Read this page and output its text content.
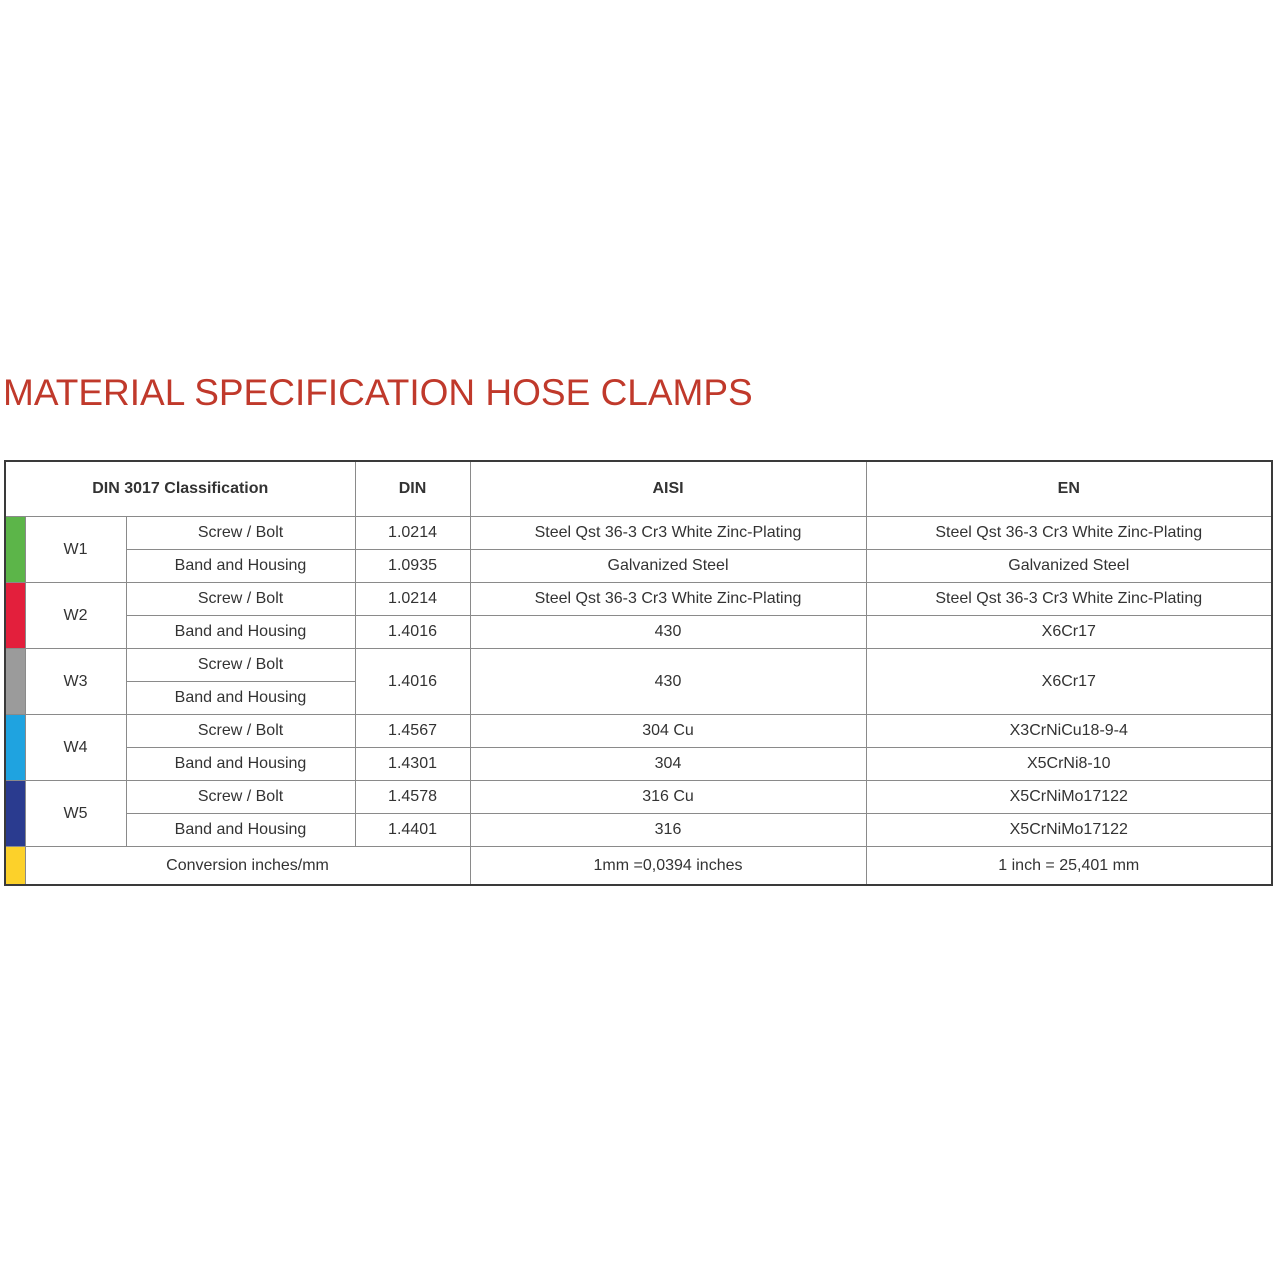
MATERIAL SPECIFICATION HOSE CLAMPS
DIN 3017 Classification			DIN	AISI	EN
	W1	Screw / Bolt	1.0214	Steel Qst 36-3 Cr3 White Zinc-Plating	Steel Qst 36-3 Cr3 White Zinc-Plating
		Band and Housing	1.0935	Galvanized Steel	Galvanized Steel
	W2	Screw / Bolt	1.0214	Steel Qst 36-3 Cr3 White Zinc-Plating	Steel Qst 36-3 Cr3 White Zinc-Plating
		Band and Housing	1.4016	430	X6Cr17
	W3	Screw / Bolt	1.4016	430	X6Cr17
		Band and Housing			
	W4	Screw / Bolt	1.4567	304 Cu	X3CrNiCu18-9-4
		Band and Housing	1.4301	304	X5CrNi8-10
	W5	Screw / Bolt	1.4578	316 Cu	X5CrNiMo17122
		Band and Housing	1.4401	316	X5CrNiMo17122
	Conversion inches/mm			1mm =0,0394 inches	1 inch = 25,401 mm
